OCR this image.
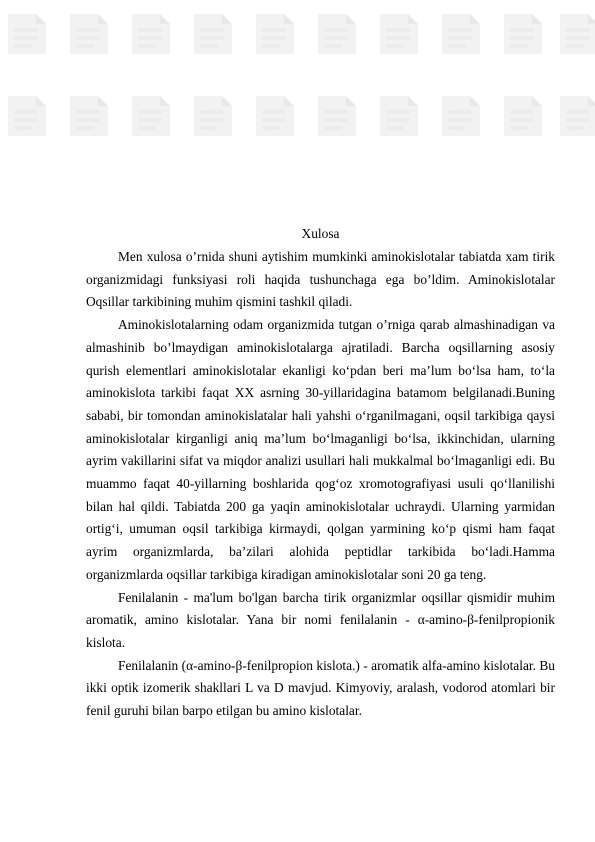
Xulosa

Men xulosa o’rnida shuni aytishim mumkinki aminokislotalar tabiatda xam tirik organizmidagi funksiyasi roli haqida tushunchaga ega bo’ldim. Aminokislotalar Oqsillar tarkibining muhim qismini tashkil qiladi.

Aminokislotalarning odam organizmida tutgan o’rniga qarab almashinadigan va almashinib bo’lmaydigan aminokislotalarga ajratiladi. Barcha oqsillarning asosiy qurish elementlari aminokislotalar ekanligi ko‘pdan beri ma’lum bo‘lsa ham, to‘la aminokislota tarkibi faqat XX asrning 30-yillaridagina batamom belgilanadi.Buning sababi, bir tomondan aminokislatalar hali yahshi o‘rganilmagani, oqsil tarkibiga qaysi aminokislotalar kirganligi aniq ma’lum bo‘lmaganligi bo‘lsa, ikkinchidan, ularning ayrim vakillarini sifat va miqdor analizi usullari hali mukkalmal bo‘lmaganligi edi. Bu muammo faqat 40-yillarning boshlarida qog‘oz xromotografiyasi usuli qo‘llanilishi bilan hal qildi. Tabiatda 200 ga yaqin aminokislotalar uchraydi. Ularning yarmidan ortig‘i, umuman oqsil tarkibiga kirmaydi, qolgan yarmining ko‘p qismi ham faqat ayrim organizmlarda, ba’zilari alohida peptidlar tarkibida bo‘ladi.Hamma organizmlarda oqsillar tarkibiga kiradigan aminokislotalar soni 20 ga teng.

Fenilalanin - ma'lum bo'lgan barcha tirik organizmlar oqsillar qismidir muhim aromatik, amino kislotalar. Yana bir nomi fenilalanin - α-amino-β-fenilpropionik kislota.

Fenilalanin (α-amino-β-fenilpropion kislota.) - aromatik alfa-amino kislotalar. Bu ikki optik izomerik shakllari L va D mavjud. Kimyoviy, aralash, vodorod atomlari bir fenil guruhi bilan barpo etilgan bu amino kislotalar.
